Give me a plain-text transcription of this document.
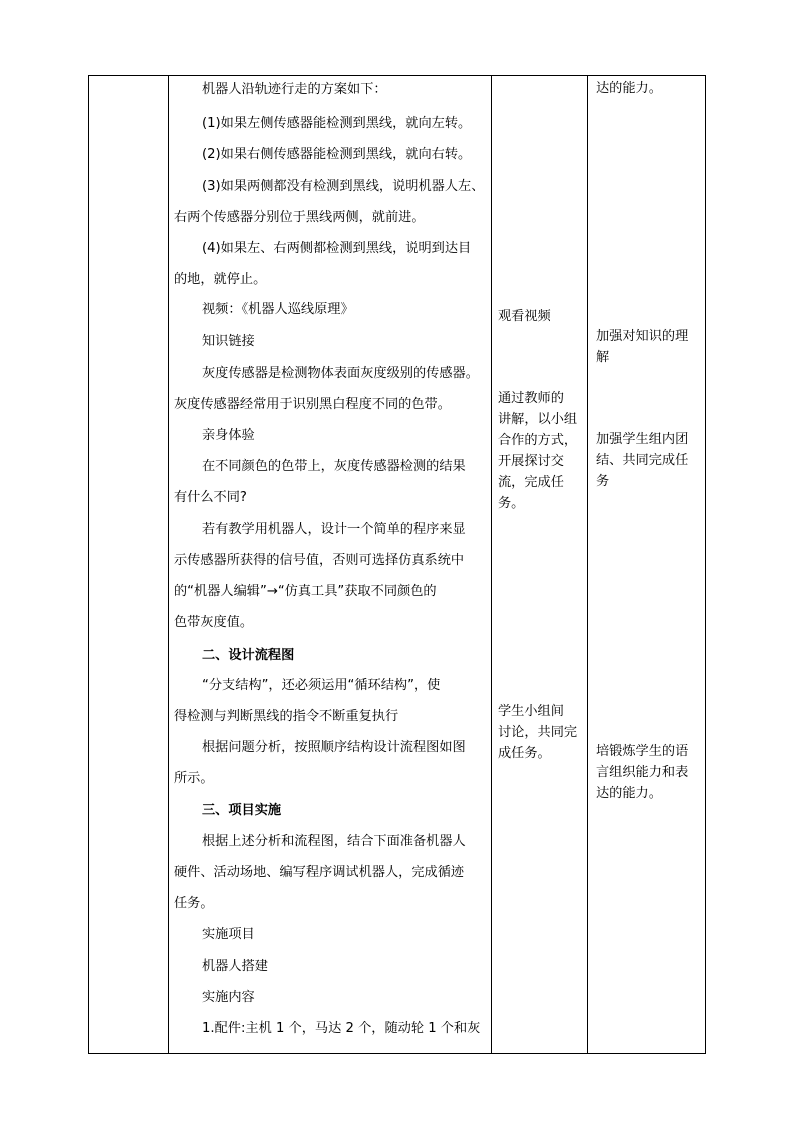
机器人沿轨迹行走的方案如下：
(1)如果左侧传感器能检测到黑线，就向左转。
(2)如果右侧传感器能检测到黑线，就向右转。
(3)如果两侧都没有检测到黑线，说明机器人左、
右两个传感器分别位于黑线两侧，就前进。
(4)如果左、右两侧都检测到黑线，说明到达目
的地，就停止。
视频：《机器人巡线原理》
知识链接
灰度传感器是检测物体表面灰度级别的传感器。
灰度传感器经常用于识别黑白程度不同的色带。
亲身体验
在不同颜色的色带上，灰度传感器检测的结果
有什么不同?
若有教学用机器人，设计一个简单的程序来显
示传感器所获得的信号值，否则可选择仿真系统中
的“机器人编辑”→“仿真工具”获取不同颜色的
色带灰度值。
二、设计流程图
“分支结构”，还必须运用“循环结构”，使
得检测与判断黑线的指令不断重复执行
根据问题分析，按照顺序结构设计流程图如图
所示。
三、项目实施
根据上述分析和流程图，结合下面准备机器人
硬件、活动场地、编写程序调试机器人，完成循迹
任务。
实施项目
机器人搭建
实施内容
1.配件:主机 1 个，马达 2 个，随动轮 1 个和灰
观看视频
通过教师的
讲解，以小组
合作的方式，
开展探讨交
流，完成任务。
学生小组间
讨论，共同完
成任务。
达的能力。
加强对知识的理
解
加强学生组内团
结、共同完成任
务
培锻炼学生的语
言组织能力和表
达的能力。
